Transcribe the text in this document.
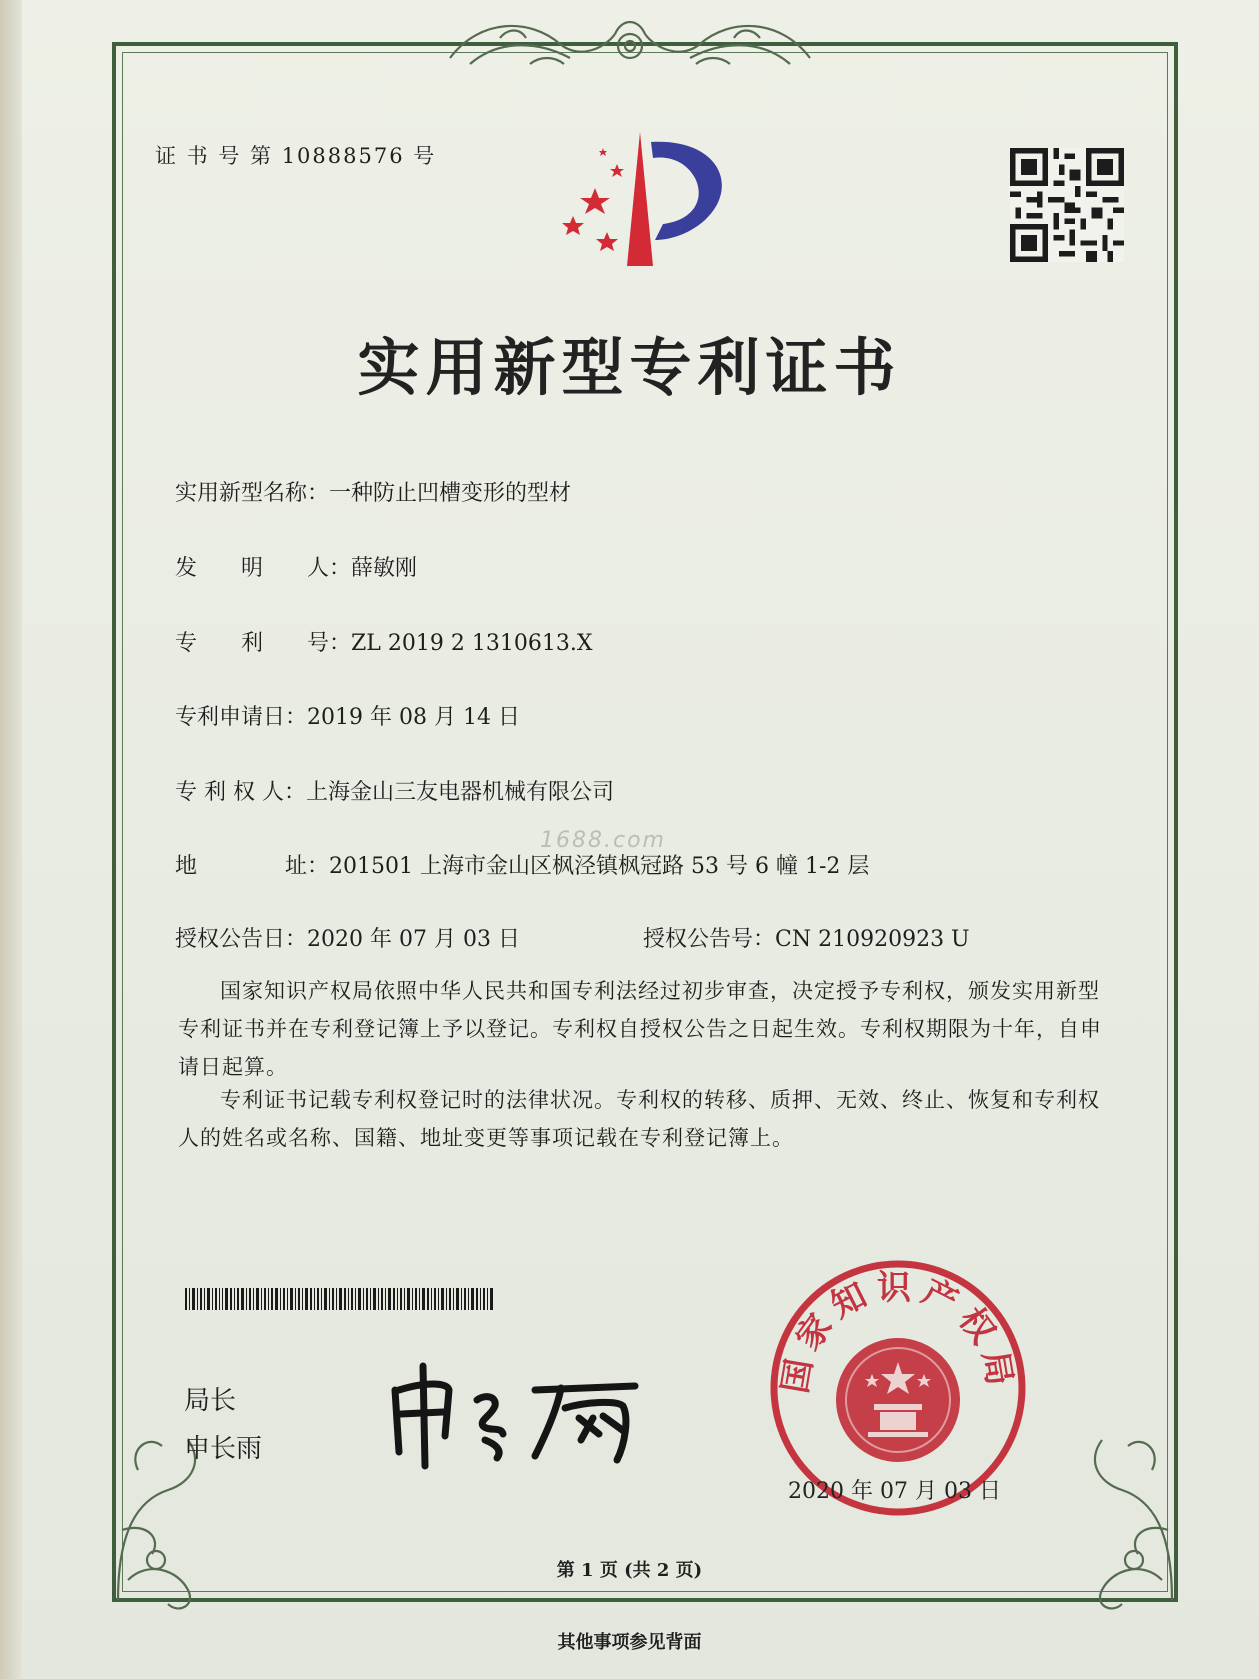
证 书 号 第 10888576 号
实用新型专利证书
实用新型名称：一种防止凹槽变形的型材
发　　明　　人：薛敏刚
专　　利　　号：ZL 2019 2 1310613.X
专利申请日：2019 年 08 月 14 日
专 利 权 人：上海金山三友电器机械有限公司
1688.com
地　　　　址：201501 上海市金山区枫泾镇枫冠路 53 号 6 幢 1-2 层
授权公告日：2020 年 07 月 03 日	授权公告号：CN 210920923 U
国家知识产权局依照中华人民共和国专利法经过初步审查，决定授予专利权，颁发实用新型专利证书并在专利登记簿上予以登记。专利权自授权公告之日起生效。专利权期限为十年，自申请日起算。
专利证书记载专利权登记时的法律状况。专利权的转移、质押、无效、终止、恢复和专利权人的姓名或名称、国籍、地址变更等事项记载在专利登记簿上。
局长
申长雨
国家知识产权局
2020 年 07 月 03 日
第 1 页 (共 2 页)
其他事项参见背面
